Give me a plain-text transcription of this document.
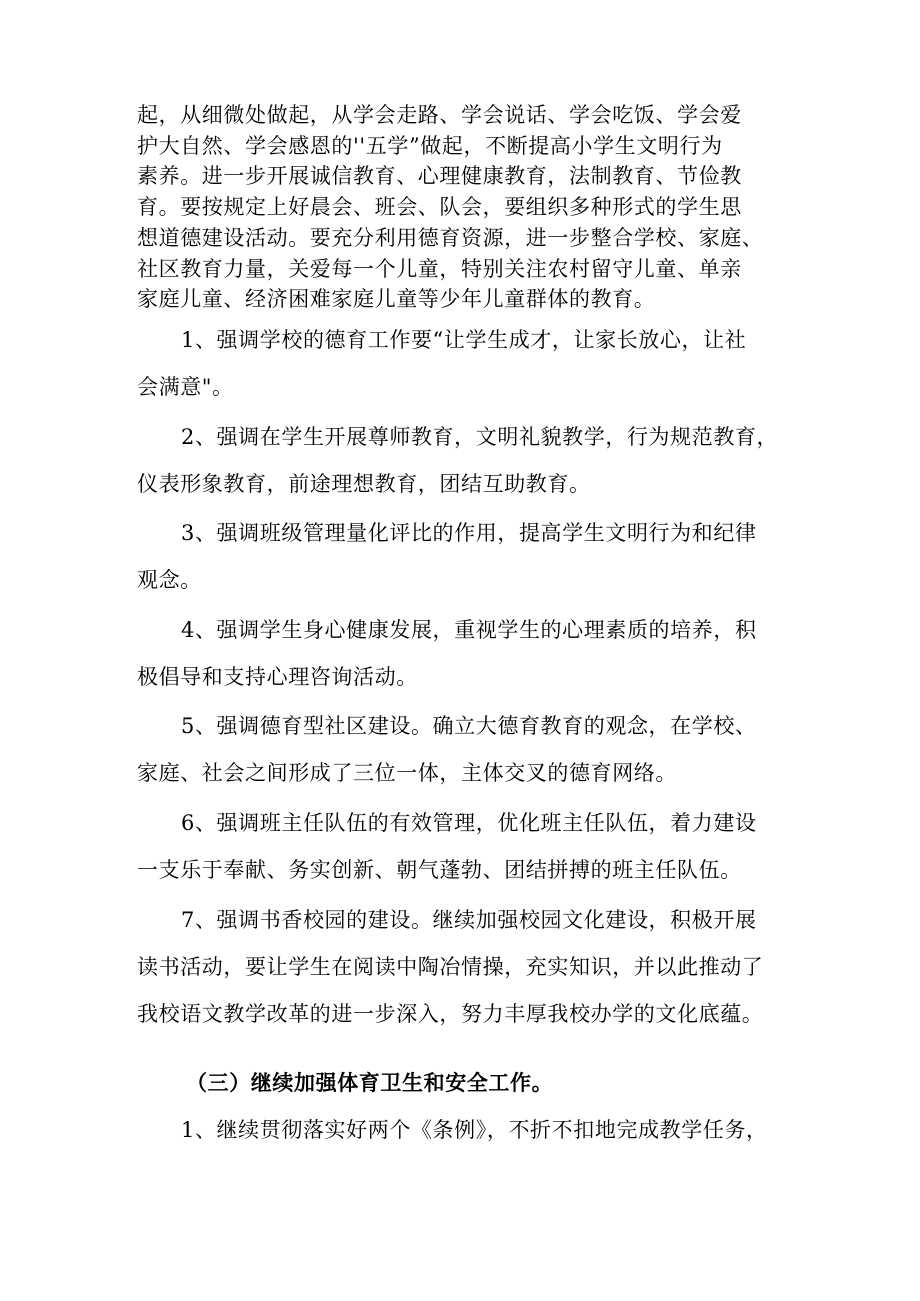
起，从细微处做起，从学会走路、学会说话、学会吃饭、学会爱
护大自然、学会感恩的''五学”做起，不断提高小学生文明行为
素养。进一步开展诚信教育、心理健康教育，法制教育、节俭教
育。要按规定上好晨会、班会、队会，要组织多种形式的学生思
想道德建设活动。要充分利用德育资源，进一步整合学校、家庭、
社区教育力量，关爱每一个儿童，特别关注农村留守儿童、单亲
家庭儿童、经济困难家庭儿童等少年儿童群体的教育。
1、强调学校的德育工作要“让学生成才，让家长放心，让社
会满意"。
2、强调在学生开展尊师教育，文明礼貌教学，行为规范教育，
仪表形象教育，前途理想教育，团结互助教育。
3、强调班级管理量化评比的作用，提高学生文明行为和纪律
观念。
4、强调学生身心健康发展，重视学生的心理素质的培养，积
极倡导和支持心理咨询活动。
5、强调德育型社区建设。确立大德育教育的观念，在学校、
家庭、社会之间形成了三位一体，主体交叉的德育网络。
6、强调班主任队伍的有效管理，优化班主任队伍，着力建设
一支乐于奉献、务实创新、朝气蓬勃、团结拼搏的班主任队伍。
7、强调书香校园的建设。继续加强校园文化建设，积极开展
读书活动，要让学生在阅读中陶冶情操，充实知识，并以此推动了
我校语文教学改革的进一步深入，努力丰厚我校办学的文化底蕴。
（三）继续加强体育卫生和安全工作。
1、继续贯彻落实好两个《条例》，不折不扣地完成教学任务，
